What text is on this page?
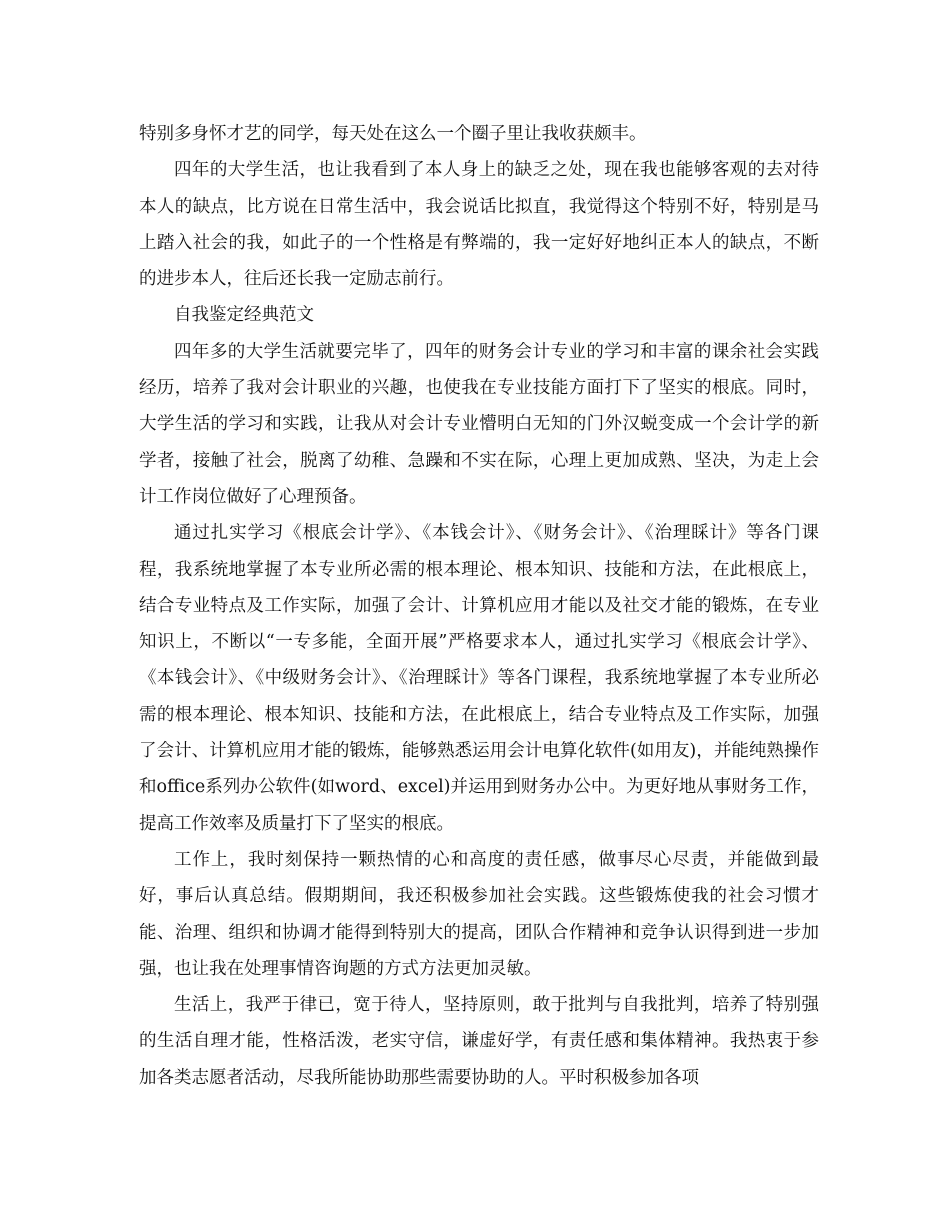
特别多身怀才艺的同学，每天处在这么一个圈子里让我收获颇丰。

四年的大学生活，也让我看到了本人身上的缺乏之处，现在我也能够客观的去对待本人的缺点，比方说在日常生活中，我会说话比拟直，我觉得这个特别不好，特别是马上踏入社会的我，如此子的一个性格是有弊端的，我一定好好地纠正本人的缺点，不断的进步本人，往后还长我一定励志前行。

自我鉴定经典范文

四年多的大学生活就要完毕了，四年的财务会计专业的学习和丰富的课余社会实践经历，培养了我对会计职业的兴趣，也使我在专业技能方面打下了坚实的根底。同时，大学生活的学习和实践，让我从对会计专业懵明白无知的门外汉蜕变成一个会计学的新学者，接触了社会，脱离了幼稚、急躁和不实在际，心理上更加成熟、坚决，为走上会计工作岗位做好了心理预备。

通过扎实学习《根底会计学》、《本钱会计》、《财务会计》、《治理睬计》等各门课程，我系统地掌握了本专业所必需的根本理论、根本知识、技能和方法，在此根底上，结合专业特点及工作实际，加强了会计、计算机应用才能以及社交才能的锻炼，在专业知识上，不断以“一专多能，全面开展”严格要求本人，通过扎实学习《根底会计学》、《本钱会计》、《中级财务会计》、《治理睬计》等各门课程，我系统地掌握了本专业所必需的根本理论、根本知识、技能和方法，在此根底上，结合专业特点及工作实际，加强了会计、计算机应用才能的锻炼，能够熟悉运用会计电算化软件(如用友)，并能纯熟操作和office系列办公软件(如word、excel)并运用到财务办公中。为更好地从事财务工作，提高工作效率及质量打下了坚实的根底。

工作上，我时刻保持一颗热情的心和高度的责任感，做事尽心尽责，并能做到最好，事后认真总结。假期期间，我还积极参加社会实践。这些锻炼使我的社会习惯才能、治理、组织和协调才能得到特别大的提高，团队合作精神和竞争认识得到进一步加强，也让我在处理事情咨询题的方式方法更加灵敏。

生活上，我严于律已，宽于待人，坚持原则，敢于批判与自我批判，培养了特别强的生活自理才能，性格活泼，老实守信，谦虚好学，有责任感和集体精神。我热衷于参加各类志愿者活动，尽我所能协助那些需要协助的人。平时积极参加各项
